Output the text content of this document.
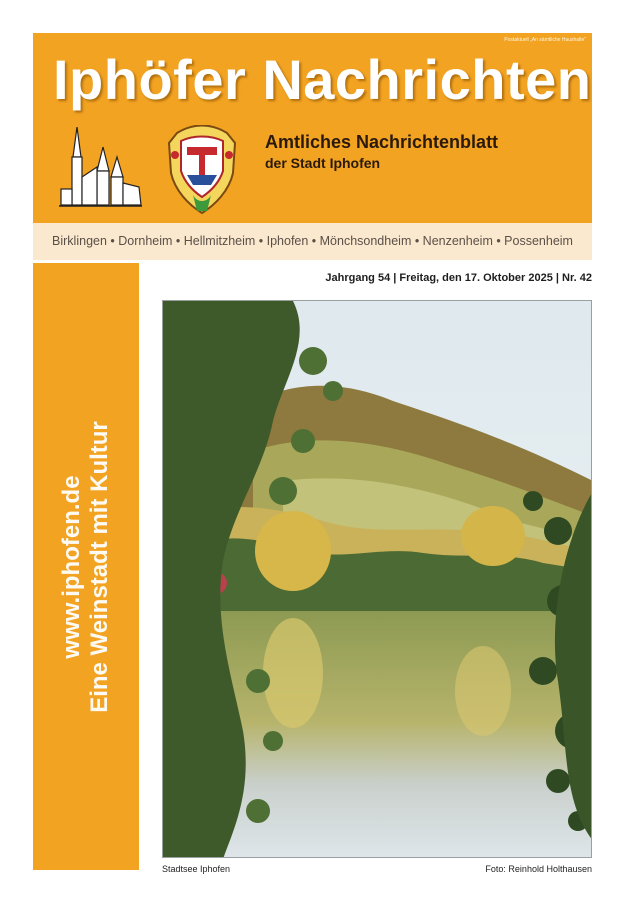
Postaktuell „An sämtliche Haushalte“
Iphöfer Nachrichten
Amtliches Nachrichtenblatt
der Stadt Iphofen
Birklingen • Dornheim • Hellmitzheim • Iphofen • Mönchsondheim • Nenzenheim • Possenheim
www.iphofen.de Eine Weinstadt mit Kultur
Jahrgang 54 | Freitag, den 17. Oktober 2025 | Nr. 42
Stadtsee Iphofen	Foto: Reinhold Holthausen
